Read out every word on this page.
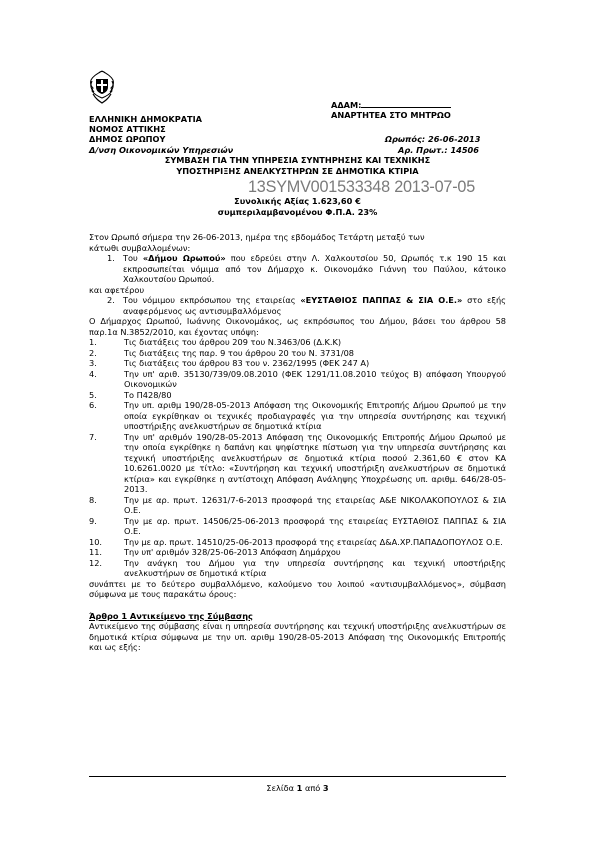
ΑΔΑΜ:
ΑΝΑΡΤΗΤΕΑ ΣΤΟ ΜΗΤΡΩΟ
ΕΛΛΗΝΙΚΗ ΔΗΜΟΚΡΑΤΙΑ
ΝΟΜΟΣ ΑΤΤΙΚΗΣ
ΔΗΜΟΣ ΩΡΩΠΟΥ	Ωρωπός: 26-06-2013
Δ/νση Οικονομικών Υπηρεσιών	Αρ. Πρωτ.: 14506
ΣΥΜΒΑΣΗ ΓΙΑ ΤΗΝ ΥΠΗΡΕΣΙΑ ΣΥΝΤΗΡΗΣΗΣ ΚΑΙ ΤΕΧΝΙΚΗΣ
ΥΠΟΣΤΗΡΙΞΗΣ ΑΝΕΛΚΥΣΤΗΡΩΝ ΣΕ ΔΗΜΟΤΙΚΑ ΚΤΙΡΙΑ
13SYMV001533348 2013-07-05
Συνολικής Αξίας 1.623,60 €
συμπεριλαμβανομένου Φ.Π.Α. 23%

Στον Ωρωπό σήμερα την 26-06-2013, ημέρα της εβδομάδος Τετάρτη μεταξύ των

κάτωθι συμβαλλομένων:

1. Του «Δήμου Ωρωπού» που εδρεύει στην Λ. Χαλκουτσίου 50, Ωρωπός τ.κ 190 15 και εκπροσωπείται νόμιμα από τον Δήμαρχο κ. Οικονομάκο Γιάννη του Παύλου, κάτοικο Χαλκουτσίου Ωρωπού.

και αφετέρου

2. Του νόμιμου εκπρόσωπου της εταιρείας «ΕΥΣΤΑΘΙΟΣ ΠΑΠΠΑΣ & ΣΙΑ Ο.Ε.» στο εξής αναφερόμενος ως αντισυμβαλλόμενος

Ο Δήμαρχος Ωρωπού, Ιωάννης Οικονομάκος, ως εκπρόσωπος του Δήμου, βάσει του άρθρου 58 παρ.1α Ν.3852/2010, και έχοντας υπόψη:

1.	Τις διατάξεις του άρθρου 209 του Ν.3463/06 (Δ.Κ.Κ)
2.	Τις διατάξεις της παρ. 9 του άρθρου 20 του Ν. 3731/08
3.	Τις διατάξεις του άρθρου 83 του ν. 2362/1995 (ΦΕΚ 247 Α)
4.	Την υπ' αριθ. 35130/739/09.08.2010 (ΦΕΚ 1291/11.08.2010 τεύχος Β) απόφαση Υπουργού Οικονομικών
5.	Το Π428/80
6.	Την υπ. αριθμ 190/28-05-2013 Απόφαση της Οικονομικής Επιτροπής Δήμου Ωρωπού με την οποία εγκρίθηκαν οι τεχνικές προδιαγραφές για την υπηρεσία συντήρησης και τεχνική υποστήριξης ανελκυστήρων σε δημοτικά κτίρια
7.	Την υπ' αριθμόν 190/28-05-2013 Απόφαση της Οικονομικής Επιτροπής Δήμου Ωρωπού με την οποία εγκρίθηκε η δαπάνη και ψηφίστηκε πίστωση για την υπηρεσία συντήρησης και τεχνική υποστήριξης ανελκυστήρων σε δημοτικά κτίρια ποσού 2.361,60 € στον ΚΑ 10.6261.0020 με τίτλο: «Συντήρηση και τεχνική υποστήριξη ανελκυστήρων σε δημοτικά κτίρια» και εγκρίθηκε η αντίστοιχη Απόφαση Ανάληψης Υποχρέωσης υπ. αριθμ. 646/28-05-2013.
8.	Την με αρ. πρωτ. 12631/7-6-2013 προσφορά της εταιρείας Α&Ε ΝΙΚΟΛΑΚΟΠΟΥΛΟΣ & ΣΙΑ Ο.Ε.
9.	Την με αρ. πρωτ. 14506/25-06-2013 προσφορά της εταιρείας ΕΥΣΤΑΘΙΟΣ ΠΑΠΠΑΣ & ΣΙΑ Ο.Ε.
10.	Την με αρ. πρωτ. 14510/25-06-2013 προσφορά της εταιρείας Δ&Α.ΧΡ.ΠΑΠΑΔΟΠΟΥΛΟΣ Ο.Ε.
11.	Την υπ' αριθμόν 328/25-06-2013 Απόφαση Δημάρχου
12.	Την ανάγκη του Δήμου για την υπηρεσία συντήρησης και τεχνική υποστήριξης ανελκυστήρων σε δημοτικά κτίρια

συνάπτει με το δεύτερο συμβαλλόμενο, καλούμενο του λοιπού «αντισυμβαλλόμενος», σύμβαση σύμφωνα με τους παρακάτω όρους:

Άρθρο 1 Αντικείμενο της Σύμβασης

Αντικείμενο της σύμβασης είναι η υπηρεσία συντήρησης και τεχνική υποστήριξης ανελκυστήρων σε δημοτικά κτίρια σύμφωνα με την υπ. αριθμ 190/28-05-2013 Απόφαση της Οικονομικής Επιτροπής και ως εξής:

Σελίδα 1 από 3
